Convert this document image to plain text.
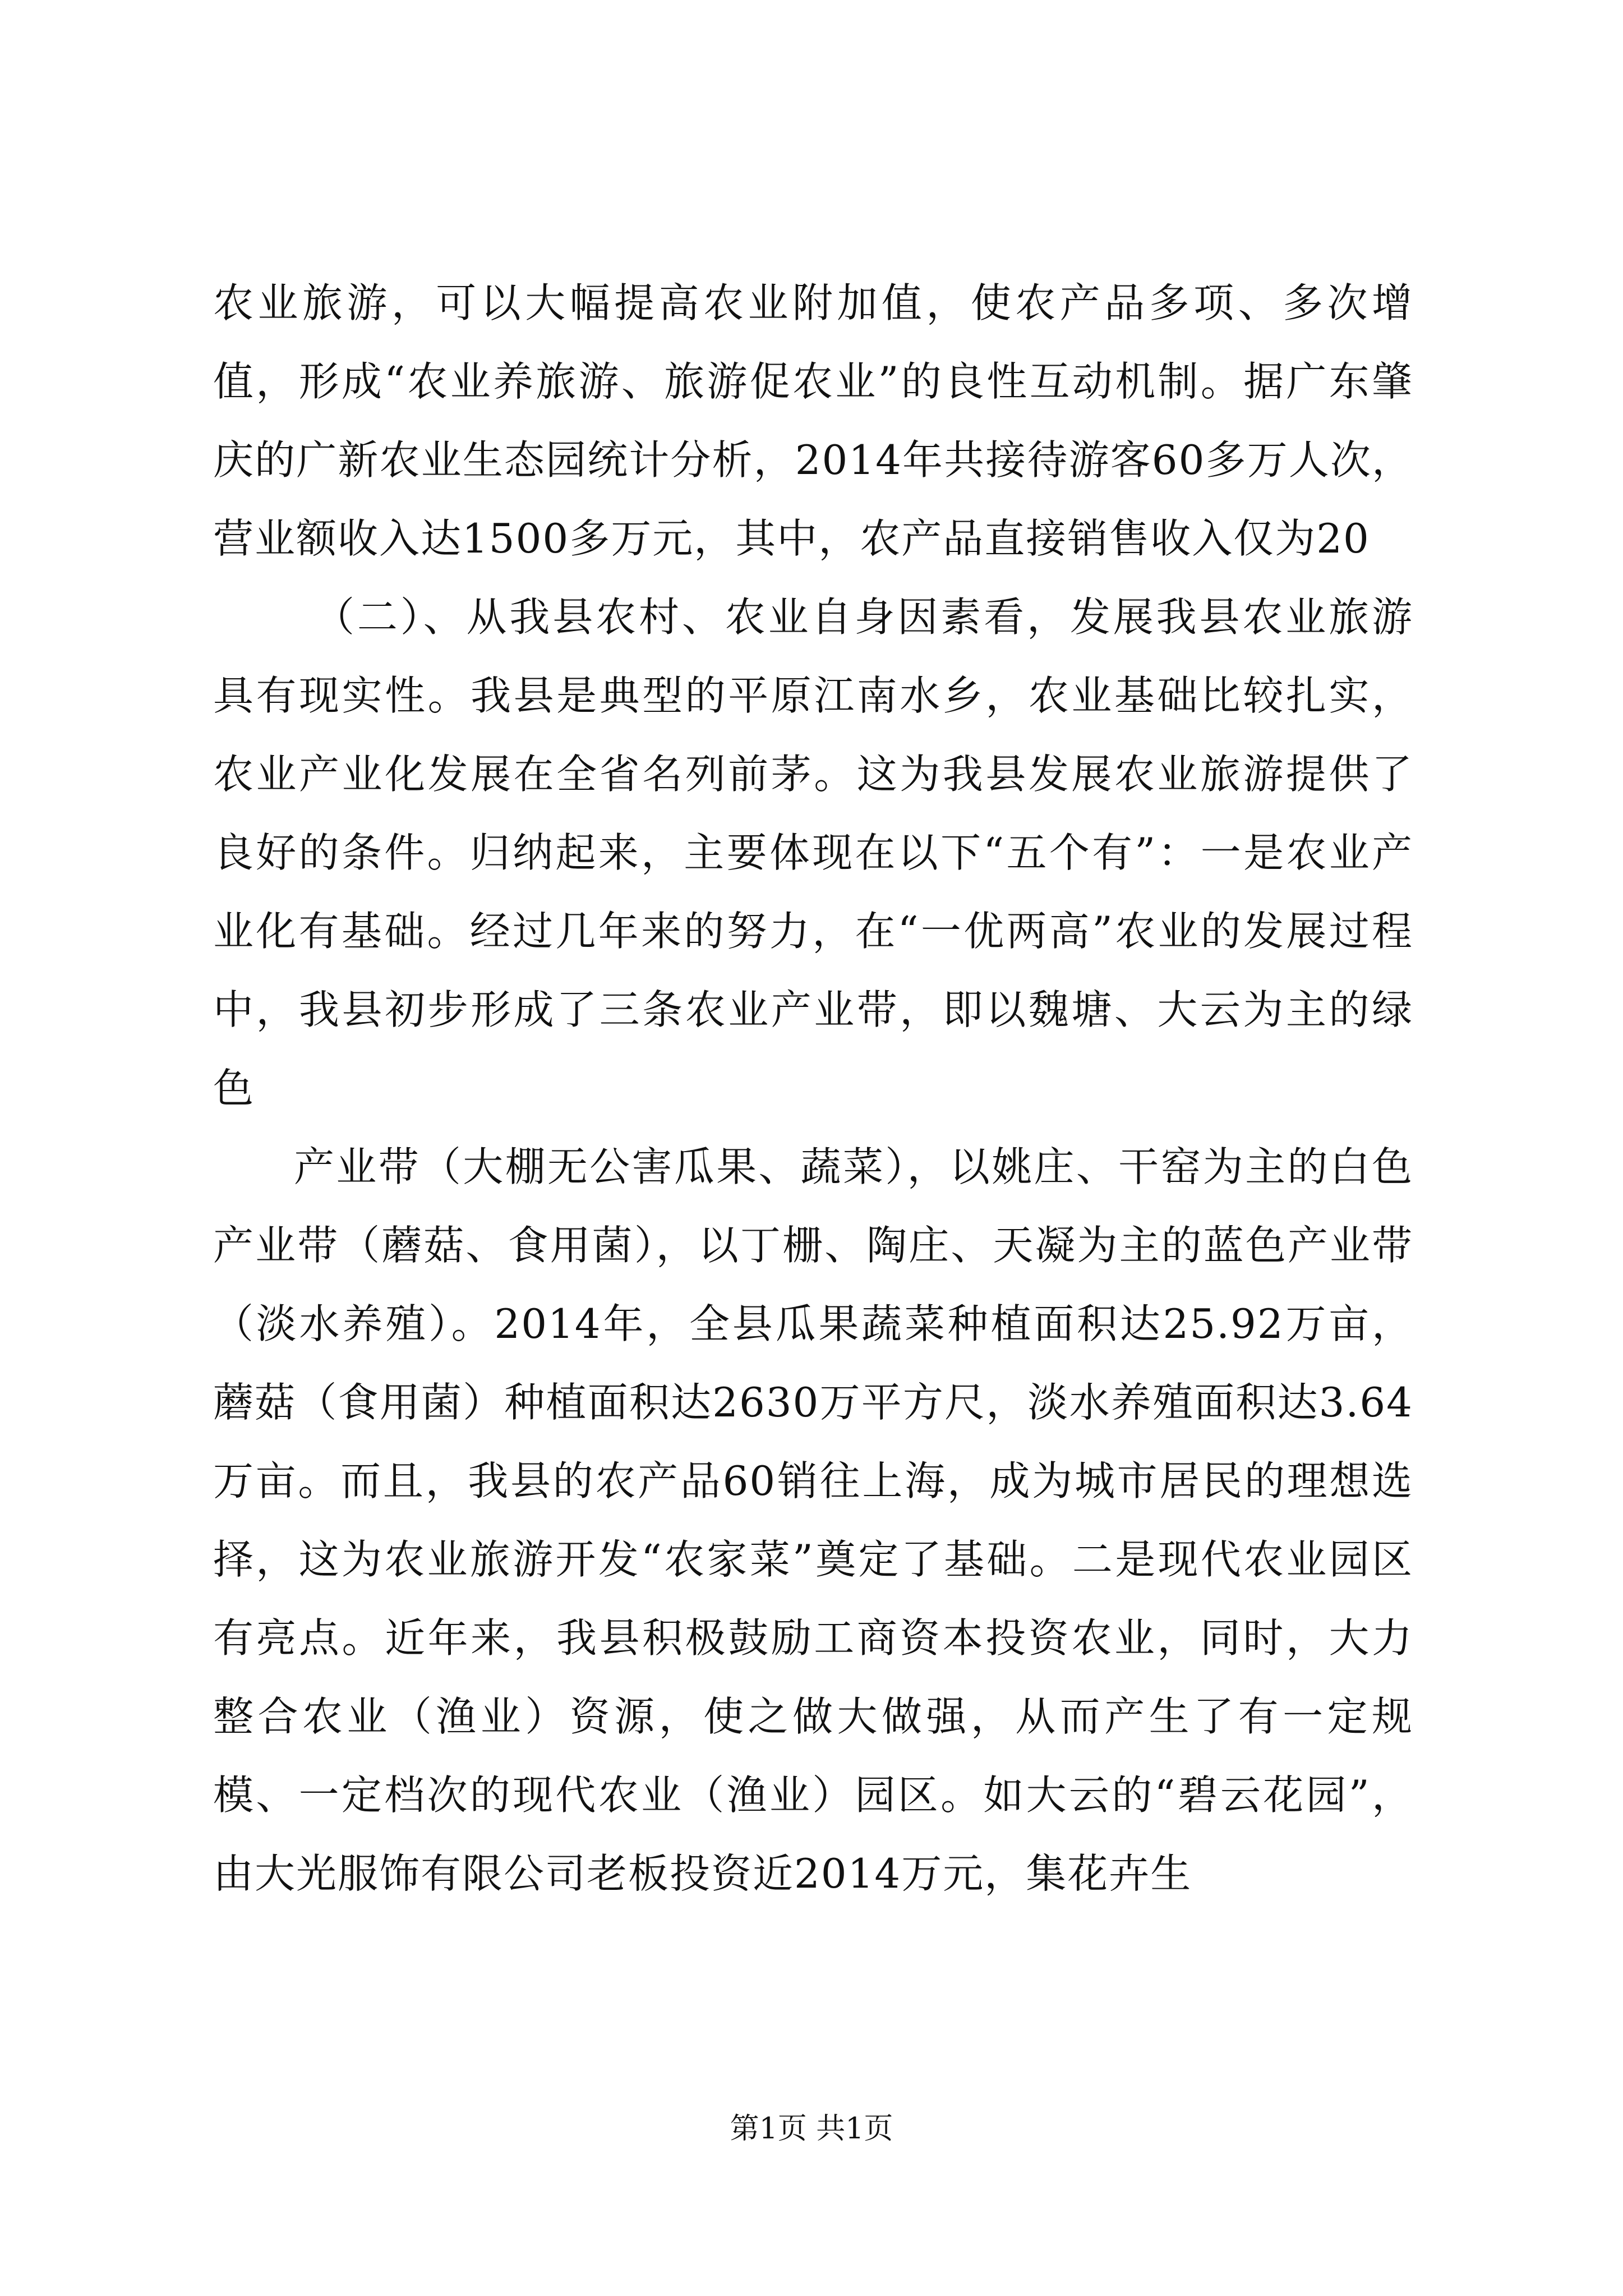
农业旅游，可以大幅提高农业附加值，使农产品多项、多次增值，形成“农业养旅游、旅游促农业”的良性互动机制。据广东肇庆的广新农业生态园统计分析，2014年共接待游客60多万人次，营业额收入达1500多万元，其中，农产品直接销售收入仅为20

（二）、从我县农村、农业自身因素看，发展我县农业旅游具有现实性。我县是典型的平原江南水乡，农业基础比较扎实，农业产业化发展在全省名列前茅。这为我县发展农业旅游提供了良好的条件。归纳起来，主要体现在以下“五个有”：一是农业产业化有基础。经过几年来的努力，在“一优两高”农业的发展过程中，我县初步形成了三条农业产业带，即以魏塘、大云为主的绿色

产业带（大棚无公害瓜果、蔬菜），以姚庄、干窑为主的白色产业带（蘑菇、食用菌），以丁栅、陶庄、天凝为主的蓝色产业带（淡水养殖）。2014年，全县瓜果蔬菜种植面积达25.92万亩，蘑菇（食用菌）种植面积达2630万平方尺，淡水养殖面积达3.64万亩。而且，我县的农产品60销往上海，成为城市居民的理想选择，这为农业旅游开发“农家菜”奠定了基础。二是现代农业园区有亮点。近年来，我县积极鼓励工商资本投资农业，同时，大力整合农业（渔业）资源，使之做大做强，从而产生了有一定规模、一定档次的现代农业（渔业）园区。如大云的“碧云花园”，由大光服饰有限公司老板投资近2014万元，集花卉生

第1页 共1页
